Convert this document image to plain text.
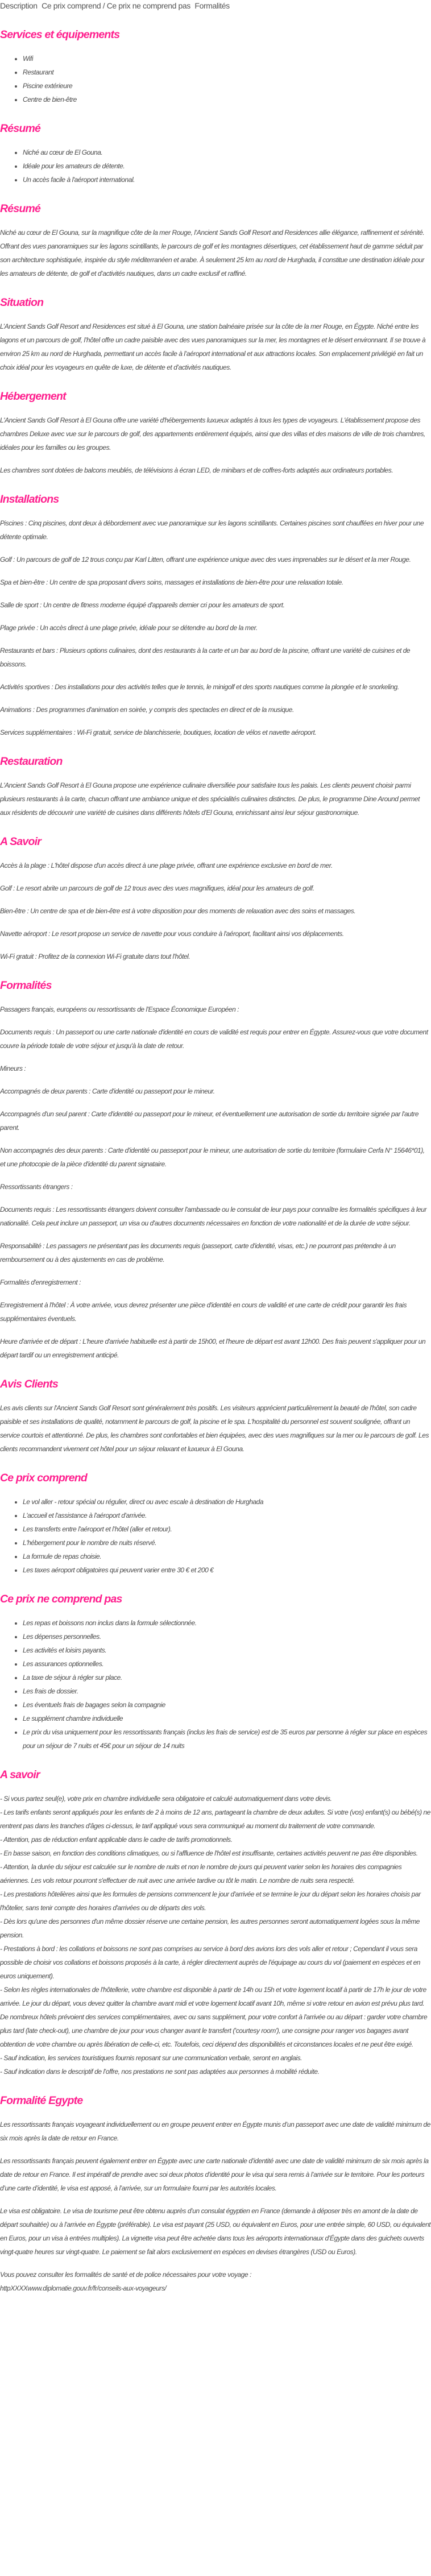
Description Ce prix comprend / Ce prix ne comprend pas Formalités
Services et équipements
• Wifi
• Restaurant
• Piscine extérieure
• Centre de bien-être
Résumé
• Niché au cœur de El Gouna.
• Idéale pour les amateurs de détente.
• Un accès facile à l'aéroport international.
Résumé

Niché au cœur de El Gouna, sur la magnifique côte de la mer Rouge, l’Ancient Sands Golf Resort and Residences allie élégance, raffinement et sérénité. Offrant des vues panoramiques sur les lagons scintillants, le parcours de golf et les montagnes désertiques, cet établissement haut de gamme séduit par son architecture sophistiquée, inspirée du style méditerranéen et arabe. À seulement 25 km au nord de Hurghada, il constitue une destination idéale pour les amateurs de détente, de golf et d’activités nautiques, dans un cadre exclusif et raffiné.

Situation

L’Ancient Sands Golf Resort and Residences est situé à El Gouna, une station balnéaire prisée sur la côte de la mer Rouge, en Égypte. Niché entre les lagons et un parcours de golf, l’hôtel offre un cadre paisible avec des vues panoramiques sur la mer, les montagnes et le désert environnant. Il se trouve à environ 25 km au nord de Hurghada, permettant un accès facile à l’aéroport international et aux attractions locales. Son emplacement privilégié en fait un choix idéal pour les voyageurs en quête de luxe, de détente et d’activités nautiques.

Hébergement

L'Ancient Sands Golf Resort à El Gouna offre une variété d'hébergements luxueux adaptés à tous les types de voyageurs. L'établissement propose des chambres Deluxe avec vue sur le parcours de golf, des appartements entièrement équipés, ainsi que des villas et des maisons de ville de trois chambres, idéales pour les familles ou les groupes.

Les chambres sont dotées de balcons meublés, de télévisions à écran LED, de minibars et de coffres-forts adaptés aux ordinateurs portables.

Installations

Piscines : Cinq piscines, dont deux à débordement avec vue panoramique sur les lagons scintillants. Certaines piscines sont chauffées en hiver pour une détente optimale.

Golf : Un parcours de golf de 12 trous conçu par Karl Litten, offrant une expérience unique avec des vues imprenables sur le désert et la mer Rouge.

Spa et bien-être : Un centre de spa proposant divers soins, massages et installations de bien-être pour une relaxation totale.

Salle de sport : Un centre de fitness moderne équipé d'appareils dernier cri pour les amateurs de sport.

Plage privée : Un accès direct à une plage privée, idéale pour se détendre au bord de la mer.

Restaurants et bars : Plusieurs options culinaires, dont des restaurants à la carte et un bar au bord de la piscine, offrant une variété de cuisines et de boissons.

Activités sportives : Des installations pour des activités telles que le tennis, le minigolf et des sports nautiques comme la plongée et le snorkeling.

Animations : Des programmes d'animation en soirée, y compris des spectacles en direct et de la musique.

Services supplémentaires : Wi-Fi gratuit, service de blanchisserie, boutiques, location de vélos et navette aéroport.

Restauration

L'Ancient Sands Golf Resort à El Gouna propose une expérience culinaire diversifiée pour satisfaire tous les palais. Les clients peuvent choisir parmi plusieurs restaurants à la carte, chacun offrant une ambiance unique et des spécialités culinaires distinctes. De plus, le programme Dine Around permet aux résidents de découvrir une variété de cuisines dans différents hôtels d'El Gouna, enrichissant ainsi leur séjour gastronomique.

A Savoir

Accès à la plage : L'hôtel dispose d'un accès direct à une plage privée, offrant une expérience exclusive en bord de mer.

Golf : Le resort abrite un parcours de golf de 12 trous avec des vues magnifiques, idéal pour les amateurs de golf.

Bien-être : Un centre de spa et de bien-être est à votre disposition pour des moments de relaxation avec des soins et massages.

Navette aéroport : Le resort propose un service de navette pour vous conduire à l'aéroport, facilitant ainsi vos déplacements.

Wi-Fi gratuit : Profitez de la connexion Wi-Fi gratuite dans tout l'hôtel.

Formalités

Passagers français, européens ou ressortissants de l'Espace Économique Européen :

Documents requis : Un passeport ou une carte nationale d'identité en cours de validité est requis pour entrer en Égypte. Assurez-vous que votre document couvre la période totale de votre séjour et jusqu'à la date de retour.

Mineurs :

Accompagnés de deux parents : Carte d'identité ou passeport pour le mineur.

Accompagnés d'un seul parent : Carte d'identité ou passeport pour le mineur, et éventuellement une autorisation de sortie du territoire signée par l'autre parent.

Non accompagnés des deux parents : Carte d'identité ou passeport pour le mineur, une autorisation de sortie du territoire (formulaire Cerfa N° 15646*01), et une photocopie de la pièce d'identité du parent signataire.

Ressortissants étrangers :

Documents requis : Les ressortissants étrangers doivent consulter l'ambassade ou le consulat de leur pays pour connaître les formalités spécifiques à leur nationalité. Cela peut inclure un passeport, un visa ou d'autres documents nécessaires en fonction de votre nationalité et de la durée de votre séjour.

Responsabilité : Les passagers ne présentant pas les documents requis (passeport, carte d'identité, visas, etc.) ne pourront pas prétendre à un remboursement ou à des ajustements en cas de problème.

Formalités d'enregistrement :

Enregistrement à l'hôtel : À votre arrivée, vous devrez présenter une pièce d'identité en cours de validité et une carte de crédit pour garantir les frais supplémentaires éventuels.

Heure d'arrivée et de départ : L'heure d'arrivée habituelle est à partir de 15h00, et l'heure de départ est avant 12h00. Des frais peuvent s'appliquer pour un départ tardif ou un enregistrement anticipé.

Avis Clients

Les avis clients sur l'Ancient Sands Golf Resort sont généralement très positifs. Les visiteurs apprécient particulièrement la beauté de l'hôtel, son cadre paisible et ses installations de qualité, notamment le parcours de golf, la piscine et le spa. L'hospitalité du personnel est souvent soulignée, offrant un service courtois et attentionné. De plus, les chambres sont confortables et bien équipées, avec des vues magnifiques sur la mer ou le parcours de golf. Les clients recommandent vivement cet hôtel pour un séjour relaxant et luxueux à El Gouna.

Ce prix comprend
• Le vol aller - retour spécial ou régulier, direct ou avec escale à destination de Hurghada
• L'accueil et l'assistance à l'aéroport d'arrivée.
• Les transferts entre l'aéroport et l’hôtel (aller et retour).
• L'hébergement pour le nombre de nuits réservé.
• La formule de repas choisie.
• Les taxes aéroport obligatoires qui peuvent varier entre 30 € et 200 €
Ce prix ne comprend pas
• Les repas et boissons non inclus dans la formule sélectionnée.
• Les dépenses personnelles.
• Les activités et loisirs payants.
• Les assurances optionnelles.
• La taxe de séjour à régler sur place.
• Les frais de dossier.
• Les éventuels frais de bagages selon la compagnie
• Le supplément chambre individuelle
• Le prix du visa uniquement pour les ressortissants français (inclus les frais de service) est de 35 euros par personne à régler sur place en espèces pour un séjour de 7 nuits et 45€ pour un séjour de 14 nuits
A savoir

- Si vous partez seul(e), votre prix en chambre individuelle sera obligatoire et calculé automatiquement dans votre devis.

- Les tarifs enfants seront appliqués pour les enfants de 2 à moins de 12 ans, partageant la chambre de deux adultes. Si votre (vos) enfant(s) ou bébé(s) ne rentrent pas dans les tranches d'âges ci-dessus, le tarif appliqué vous sera communiqué au moment du traitement de votre commande.

- Attention, pas de réduction enfant applicable dans le cadre de tarifs promotionnels.

- En basse saison, en fonction des conditions climatiques, ou si l'affluence de l'hôtel est insuffisante, certaines activités peuvent ne pas être disponibles.

- Attention, la durée du séjour est calculée sur le nombre de nuits et non le nombre de jours qui peuvent varier selon les horaires des compagnies aériennes. Les vols retour pourront s'effectuer de nuit avec une arrivée tardive ou tôt le matin. Le nombre de nuits sera respecté.

- Les prestations hôtelières ainsi que les formules de pensions commencent le jour d'arrivée et se termine le jour du départ selon les horaires choisis par l'hôtelier, sans tenir compte des horaires d'arrivées ou de départs des vols.

- Dès lors qu'une des personnes d'un même dossier réserve une certaine pension, les autres personnes seront automatiquement logées sous la même pension.

- Prestations à bord : les collations et boissons ne sont pas comprises au service à bord des avions lors des vols aller et retour ; Cependant il vous sera possible de choisir vos collations et boissons proposés à la carte, à régler directement auprès de l'équipage au cours du vol (paiement en espèces et en euros uniquement).

- Selon les règles internationales de l'hôtellerie, votre chambre est disponible à partir de 14h ou 15h et votre logement locatif à partir de 17h le jour de votre arrivée. Le jour du départ, vous devez quitter la chambre avant midi et votre logement locatif avant 10h, même si votre retour en avion est prévu plus tard. De nombreux hôtels prévoient des services complémentaires, avec ou sans supplément, pour votre confort à l'arrivée ou au départ : garder votre chambre plus tard (late check-out), une chambre de jour pour vous changer avant le transfert ('courtesy room'), une consigne pour ranger vos bagages avant obtention de votre chambre ou après libération de celle-ci, etc. Toutefois, ceci dépend des disponibilités et circonstances locales et ne peut être exigé.

- Sauf indication, les services touristiques fournis reposant sur une communication verbale, seront en anglais.

- Sauf indication dans le descriptif de l’offre, nos prestations ne sont pas adaptées aux personnes à mobilité réduite.

Formalité Egypte

Les ressortissants français voyageant individuellement ou en groupe peuvent entrer en Égypte munis d’un passeport avec une date de validité minimum de six mois après la date de retour en France.

Les ressortissants français peuvent également entrer en Égypte avec une carte nationale d’identité avec une date de validité minimum de six mois après la date de retour en France. Il est impératif de prendre avec soi deux photos d’identité pour le visa qui sera remis à l’arrivée sur le territoire. Pour les porteurs d’une carte d’identité, le visa est apposé, à l’arrivée, sur un formulaire fourni par les autorités locales.

Le visa est obligatoire. Le visa de tourisme peut être obtenu auprès d’un consulat égyptien en France (demande à déposer très en amont de la date de départ souhaitée) ou à l’arrivée en Égypte (préférable). Le visa est payant (25 USD, ou équivalent en Euros, pour une entrée simple, 60 USD, ou équivalent en Euros, pour un visa à entrées multiples). La vignette visa peut être achetée dans tous les aéroports internationaux d’Égypte dans des guichets ouverts vingt-quatre heures sur vingt-quatre. Le paiement se fait alors exclusivement en espèces en devises étrangères (USD ou Euros).

Vous pouvez consulter les formalités de santé et de police nécessaires pour votre voyage :
httpXXXXwww.diplomatie.gouv.fr/fr/conseils-aux-voyageurs/
